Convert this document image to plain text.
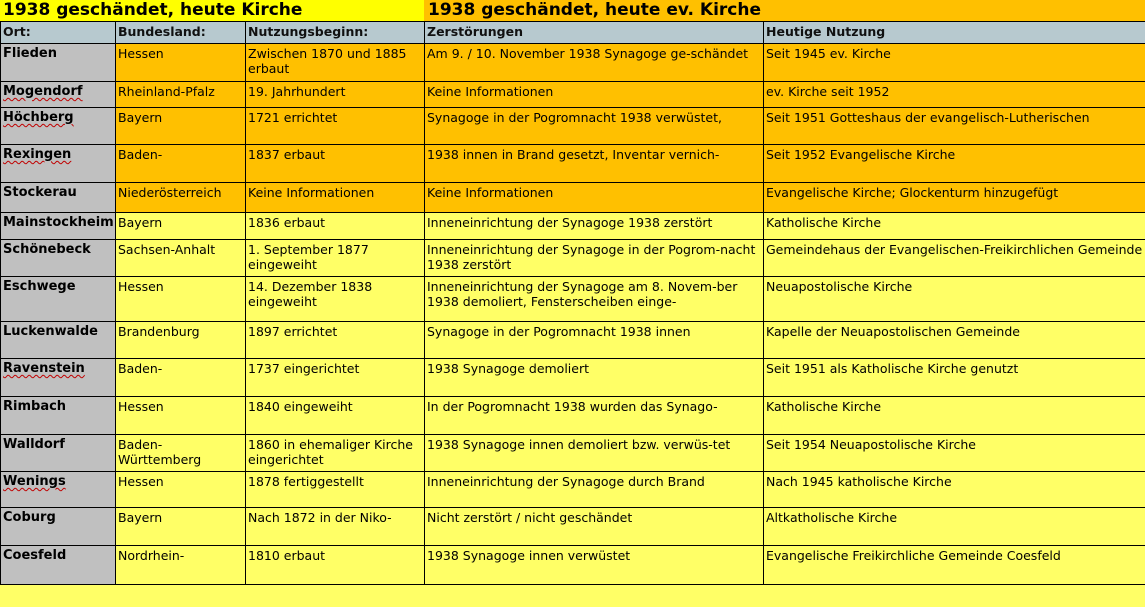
1938 geschändet, heute Kirche	1938 geschändet, heute ev. Kirche
Ort:	Bundesland:	Nutzungsbeginn:	Zerstörungen	Heutige Nutzung
Flieden	Hessen	Zwischen 1870 und 1885 erbaut	Am 9. / 10. November 1938 Synagoge ge-schändet	Seit 1945 ev. Kirche
Mogendorf	Rheinland-Pfalz	19. Jahrhundert	Keine Informationen	ev. Kirche seit 1952
Höchberg	Bayern	1721 errichtet	Synagoge in der Pogromnacht 1938 verwüstet,	Seit 1951 Gotteshaus der evangelisch-Lutherischen
Rexingen	Baden-	1837 erbaut	1938 innen in Brand gesetzt, Inventar vernich-	Seit 1952 Evangelische Kirche
Stockerau	Niederösterreich	Keine Informationen	Keine Informationen	Evangelische Kirche; Glockenturm hinzugefügt
Mainstockheim	Bayern	1836 erbaut	Inneneinrichtung der Synagoge 1938 zerstört	Katholische Kirche
Schönebeck	Sachsen-Anhalt	1. September 1877 eingeweiht	Inneneinrichtung der Synagoge in der Pogrom-nacht 1938 zerstört	Gemeindehaus der Evangelischen-Freikirchlichen Gemeinde
Eschwege	Hessen	14. Dezember 1838 eingeweiht	Inneneinrichtung der Synagoge am 8. Novem-ber 1938 demoliert, Fensterscheiben einge-	Neuapostolische Kirche
Luckenwalde	Brandenburg	1897 errichtet	Synagoge in der Pogromnacht 1938 innen	Kapelle der Neuapostolischen Gemeinde
Ravenstein	Baden-	1737 eingerichtet	1938 Synagoge demoliert	Seit 1951 als Katholische Kirche genutzt
Rimbach	Hessen	1840 eingeweiht	In der Pogromnacht 1938 wurden das Synago-	Katholische Kirche
Walldorf	Baden-Württemberg	1860 in ehemaliger Kirche eingerichtet	1938 Synagoge innen demoliert bzw. verwüs-tet	Seit 1954 Neuapostolische Kirche
Wenings	Hessen	1878 fertiggestellt	Inneneinrichtung der Synagoge durch Brand	Nach 1945 katholische Kirche
Coburg	Bayern	Nach 1872 in der Niko-	Nicht zerstört / nicht geschändet	Altkatholische Kirche
Coesfeld	Nordrhein-	1810 erbaut	1938 Synagoge innen verwüstet	Evangelische Freikirchliche Gemeinde Coesfeld
